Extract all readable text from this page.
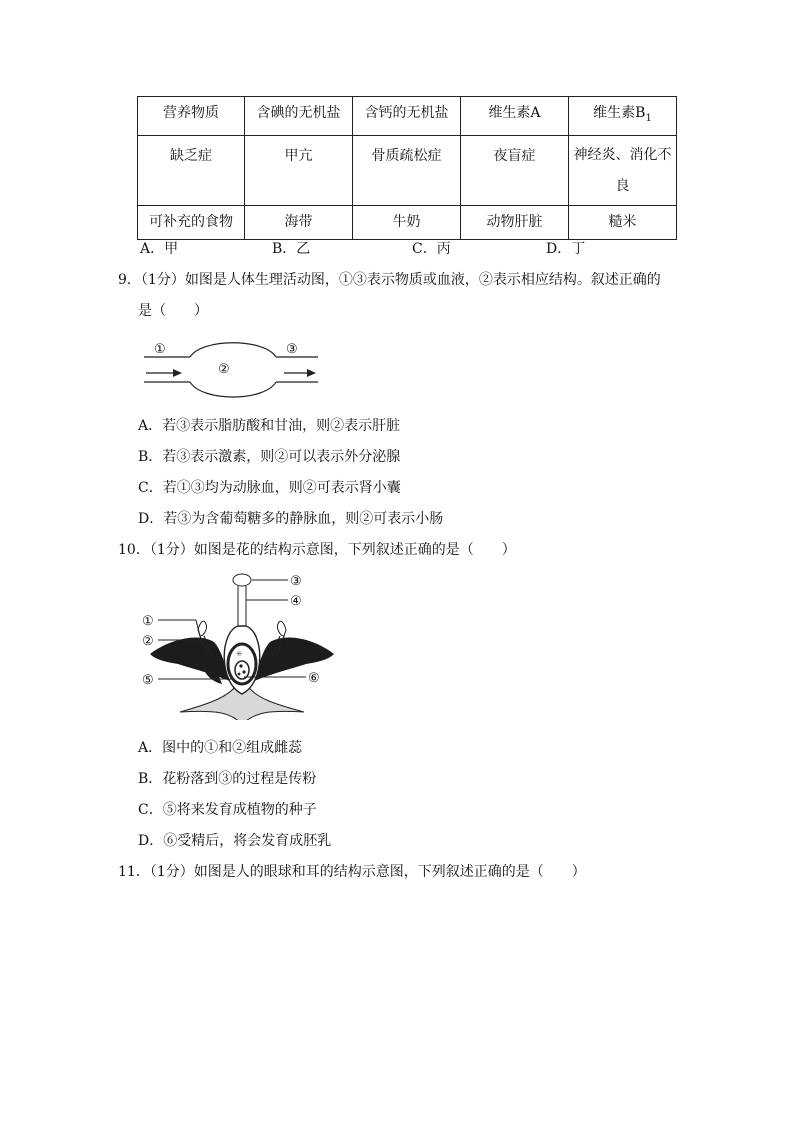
营养物质	含碘的无机盐	含钙的无机盐	维生素A	维生素$B_1$
缺乏症	甲亢	骨质疏松症	夜盲症	神经炎、消化不良
可补充的食物	海带	牛奶	动物肝脏	糙米
A．甲	B．乙	C．丙	D．丁
9．（1分）如图是人体生理活动图，①③表示物质或血液，②表示相应结构。叙述正确的
是（　　）
①
②
③
A．若③表示脂肪酸和甘油，则②表示肝脏
B．若③表示激素，则②可以表示外分泌腺
C．若①③均为动脉血，则②可表示肾小囊
D．若③为含葡萄糖多的静脉血，则②可表示小肠
10．（1分）如图是花的结构示意图，下列叙述正确的是（　　）
ꔠ
③
④
①
②
⑤	⑥
A．图中的①和②组成雌蕊
B．花粉落到③的过程是传粉
C．⑤将来发育成植物的种子
D．⑥受精后，将会发育成胚乳
11．（1分）如图是人的眼球和耳的结构示意图，下列叙述正确的是（　　）
